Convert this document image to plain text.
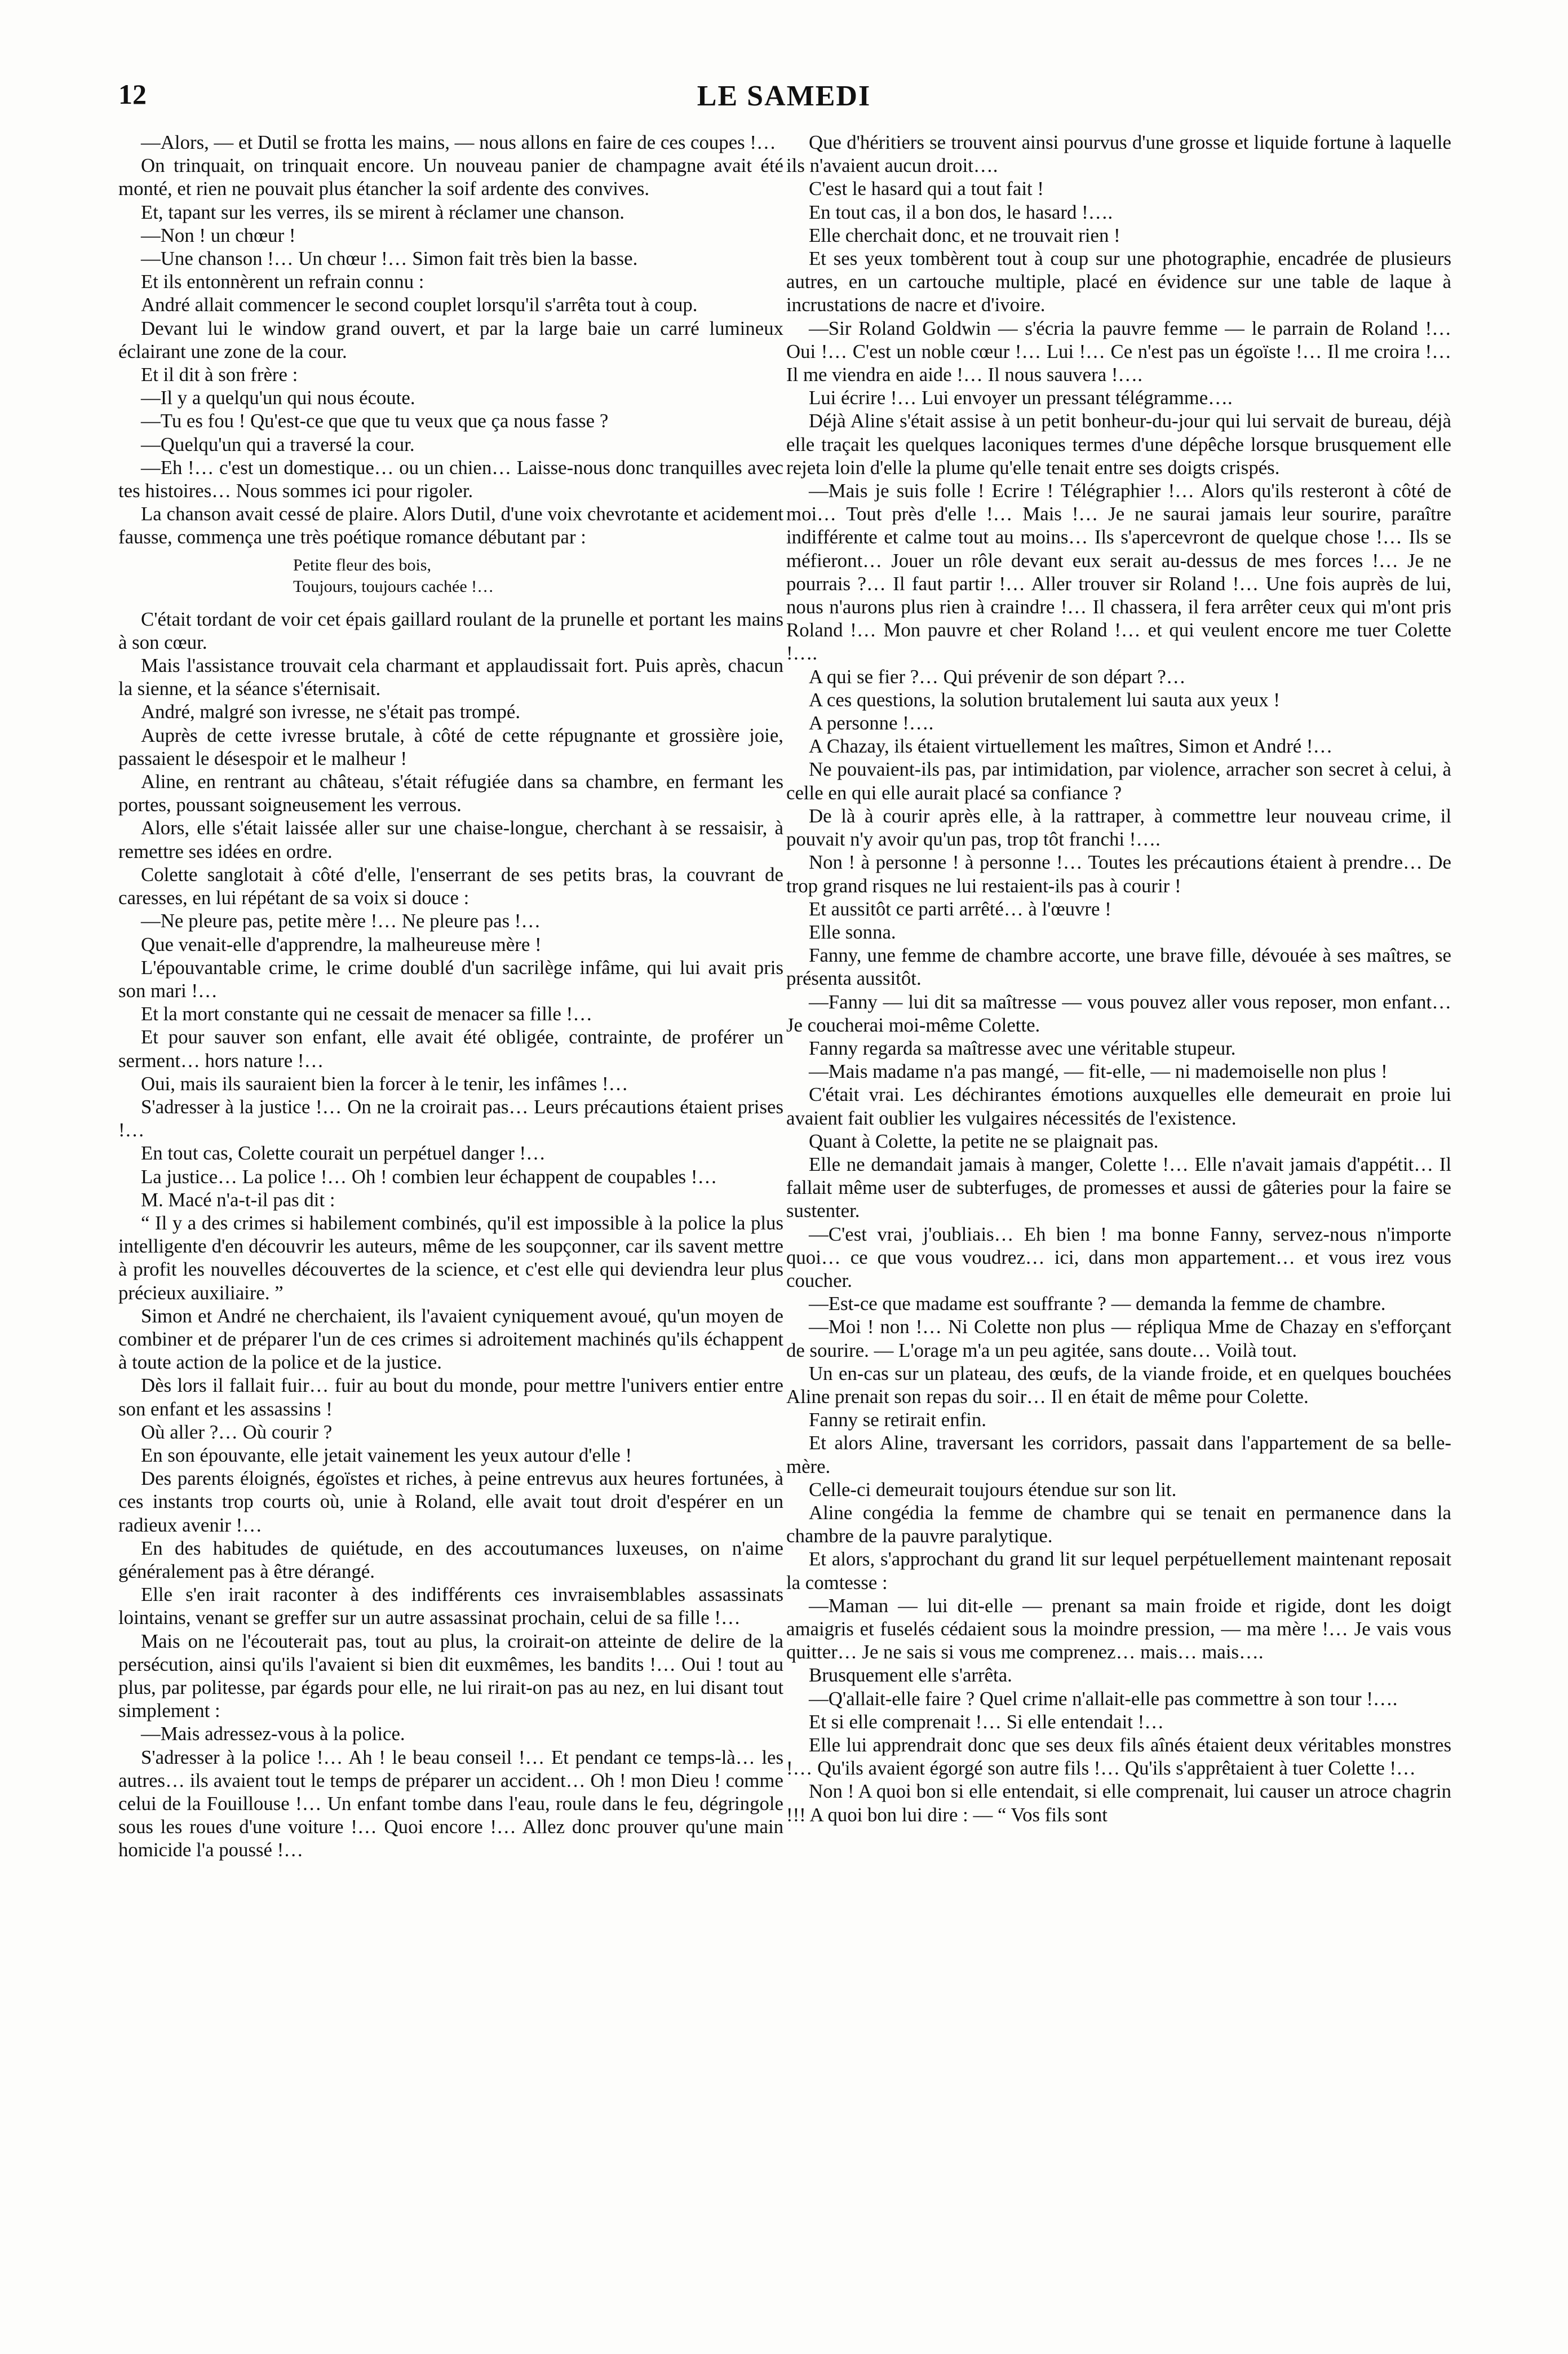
12	LE SAMEDI

—Alors, — et Dutil se frotta les mains, — nous allons en faire de ces coupes !…

On trinquait, on trinquait encore. Un nouveau panier de champagne avait été monté, et rien ne pouvait plus étancher la soif ardente des convives.

Et, tapant sur les verres, ils se mirent à réclamer une chanson.

—Non ! un chœur !

—Une chanson !… Un chœur !… Simon fait très bien la basse.

Et ils entonnèrent un refrain connu :

André allait commencer le second couplet lorsqu'il s'arrêta tout à coup.

Devant lui le window grand ouvert, et par la large baie un carré lumineux éclairant une zone de la cour.

Et il dit à son frère :

—Il y a quelqu'un qui nous écoute.

—Tu es fou ! Qu'est-ce que que tu veux que ça nous fasse ?

—Quelqu'un qui a traversé la cour.

—Eh !… c'est un domestique… ou un chien… Laisse-nous donc tranquilles avec tes histoires… Nous sommes ici pour rigoler.

La chanson avait cessé de plaire. Alors Dutil, d'une voix chevrotante et acidement fausse, commença une très poétique romance débutant par :

Petite fleur des bois,
Toujours, toujours cachée !…

C'était tordant de voir cet épais gaillard roulant de la prunelle et portant les mains à son cœur.

Mais l'assistance trouvait cela charmant et applaudissait fort. Puis après, chacun la sienne, et la séance s'éternisait.

André, malgré son ivresse, ne s'était pas trompé.

Auprès de cette ivresse brutale, à côté de cette répugnante et grossière joie, passaient le désespoir et le malheur !

Aline, en rentrant au château, s'était réfugiée dans sa chambre, en fermant les portes, poussant soigneusement les verrous.

Alors, elle s'était laissée aller sur une chaise-longue, cherchant à se ressaisir, à remettre ses idées en ordre.

Colette sanglotait à côté d'elle, l'enserrant de ses petits bras, la couvrant de caresses, en lui répétant de sa voix si douce :

—Ne pleure pas, petite mère !… Ne pleure pas !…

Que venait-elle d'apprendre, la malheureuse mère !

L'épouvantable crime, le crime doublé d'un sacrilège infâme, qui lui avait pris son mari !…

Et la mort constante qui ne cessait de menacer sa fille !…

Et pour sauver son enfant, elle avait été obligée, contrainte, de proférer un serment… hors nature !…

Oui, mais ils sauraient bien la forcer à le tenir, les infâmes !…

S'adresser à la justice !… On ne la croirait pas… Leurs précautions étaient prises !…

En tout cas, Colette courait un perpétuel danger !…

La justice… La police !… Oh ! combien leur échappent de coupables !…

M. Macé n'a-t-il pas dit :

“ Il y a des crimes si habilement combinés, qu'il est impossible à la police la plus intelligente d'en découvrir les auteurs, même de les soupçonner, car ils savent mettre à profit les nouvelles découvertes de la science, et c'est elle qui deviendra leur plus précieux auxiliaire. ”

Simon et André ne cherchaient, ils l'avaient cyniquement avoué, qu'un moyen de combiner et de préparer l'un de ces crimes si adroitement machinés qu'ils échappent à toute action de la police et de la justice.

Dès lors il fallait fuir… fuir au bout du monde, pour mettre l'univers entier entre son enfant et les assassins !

Où aller ?… Où courir ?

En son épouvante, elle jetait vainement les yeux autour d'elle !

Des parents éloignés, égoïstes et riches, à peine entrevus aux heures fortunées, à ces instants trop courts où, unie à Roland, elle avait tout droit d'espérer en un radieux avenir !…

En des habitudes de quiétude, en des accoutumances luxeuses, on n'aime généralement pas à être dérangé.

Elle s'en irait raconter à des indifférents ces invraisemblables assassinats lointains, venant se greffer sur un autre assassinat prochain, celui de sa fille !…

Mais on ne l'écouterait pas, tout au plus, la croirait-on atteinte de delire de la persécution, ainsi qu'ils l'avaient si bien dit euxmêmes, les bandits !… Oui ! tout au plus, par politesse, par égards pour elle, ne lui rirait-on pas au nez, en lui disant tout simplement :

—Mais adressez-vous à la police.

S'adresser à la police !… Ah ! le beau conseil !… Et pendant ce temps-là… les autres… ils avaient tout le temps de préparer un accident… Oh ! mon Dieu ! comme celui de la Fouillouse !… Un enfant tombe dans l'eau, roule dans le feu, dégringole sous les roues d'une voiture !… Quoi encore !… Allez donc prouver qu'une main homicide l'a poussé !…

Que d'héritiers se trouvent ainsi pourvus d'une grosse et liquide fortune à laquelle ils n'avaient aucun droit….

C'est le hasard qui a tout fait !

En tout cas, il a bon dos, le hasard !….

Elle cherchait donc, et ne trouvait rien !

Et ses yeux tombèrent tout à coup sur une photographie, encadrée de plusieurs autres, en un cartouche multiple, placé en évidence sur une table de laque à incrustations de nacre et d'ivoire.

—Sir Roland Goldwin — s'écria la pauvre femme — le parrain de Roland !… Oui !… C'est un noble cœur !… Lui !… Ce n'est pas un égoïste !… Il me croira !… Il me viendra en aide !… Il nous sauvera !….

Lui écrire !… Lui envoyer un pressant télégramme….

Déjà Aline s'était assise à un petit bonheur-du-jour qui lui servait de bureau, déjà elle traçait les quelques laconiques termes d'une dépêche lorsque brusquement elle rejeta loin d'elle la plume qu'elle tenait entre ses doigts crispés.

—Mais je suis folle ! Ecrire ! Télégraphier !… Alors qu'ils resteront à côté de moi… Tout près d'elle !… Mais !… Je ne saurai jamais leur sourire, paraître indifférente et calme tout au moins… Ils s'apercevront de quelque chose !… Ils se méfieront… Jouer un rôle devant eux serait au-dessus de mes forces !… Je ne pourrais ?… Il faut partir !… Aller trouver sir Roland !… Une fois auprès de lui, nous n'aurons plus rien à craindre !… Il chassera, il fera arrêter ceux qui m'ont pris Roland !… Mon pauvre et cher Roland !… et qui veulent encore me tuer Colette !….

A qui se fier ?… Qui prévenir de son départ ?…

A ces questions, la solution brutalement lui sauta aux yeux !

A personne !….

A Chazay, ils étaient virtuellement les maîtres, Simon et André !…

Ne pouvaient-ils pas, par intimidation, par violence, arracher son secret à celui, à celle en qui elle aurait placé sa confiance ?

De là à courir après elle, à la rattraper, à commettre leur nouveau crime, il pouvait n'y avoir qu'un pas, trop tôt franchi !….

Non ! à personne ! à personne !… Toutes les précautions étaient à prendre… De trop grand risques ne lui restaient-ils pas à courir !

Et aussitôt ce parti arrêté… à l'œuvre !

Elle sonna.

Fanny, une femme de chambre accorte, une brave fille, dévouée à ses maîtres, se présenta aussitôt.

—Fanny — lui dit sa maîtresse — vous pouvez aller vous reposer, mon enfant… Je coucherai moi-même Colette.

Fanny regarda sa maîtresse avec une véritable stupeur.

—Mais madame n'a pas mangé, — fit-elle, — ni mademoiselle non plus !

C'était vrai. Les déchirantes émotions auxquelles elle demeurait en proie lui avaient fait oublier les vulgaires nécessités de l'existence.

Quant à Colette, la petite ne se plaignait pas.

Elle ne demandait jamais à manger, Colette !… Elle n'avait jamais d'appétit… Il fallait même user de subterfuges, de promesses et aussi de gâteries pour la faire se sustenter.

—C'est vrai, j'oubliais… Eh bien ! ma bonne Fanny, servez-nous n'importe quoi… ce que vous voudrez… ici, dans mon appartement… et vous irez vous coucher.

—Est-ce que madame est souffrante ? — demanda la femme de chambre.

—Moi ! non !… Ni Colette non plus — répliqua Mme de Chazay en s'efforçant de sourire. — L'orage m'a un peu agitée, sans doute… Voilà tout.

Un en-cas sur un plateau, des œufs, de la viande froide, et en quelques bouchées Aline prenait son repas du soir… Il en était de même pour Colette.

Fanny se retirait enfin.

Et alors Aline, traversant les corridors, passait dans l'appartement de sa belle-mère.

Celle-ci demeurait toujours étendue sur son lit.

Aline congédia la femme de chambre qui se tenait en permanence dans la chambre de la pauvre paralytique.

Et alors, s'approchant du grand lit sur lequel perpétuellement maintenant reposait la comtesse :

—Maman — lui dit-elle — prenant sa main froide et rigide, dont les doigt amaigris et fuselés cédaient sous la moindre pression, — ma mère !… Je vais vous quitter… Je ne sais si vous me comprenez… mais… mais….

Brusquement elle s'arrêta.

—Q'allait-elle faire ? Quel crime n'allait-elle pas commettre à son tour !….

Et si elle comprenait !… Si elle entendait !…

Elle lui apprendrait donc que ses deux fils aînés étaient deux véritables monstres !… Qu'ils avaient égorgé son autre fils !… Qu'ils s'apprêtaient à tuer Colette !…

Non ! A quoi bon si elle entendait, si elle comprenait, lui causer un atroce chagrin !!! A quoi bon lui dire : — “ Vos fils sont
